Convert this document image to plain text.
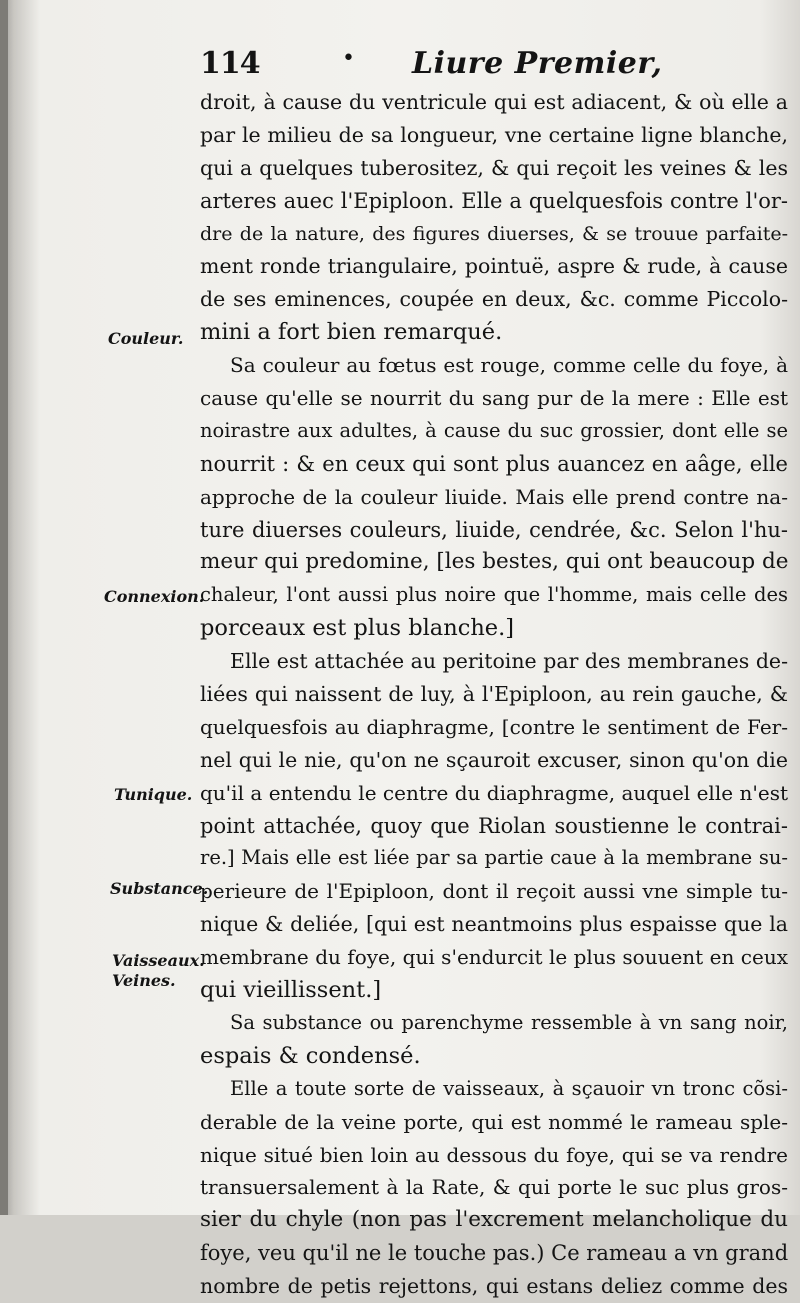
114	• Liure Premier,
Couleur.
Connexion.
Tunique.
Substance.
Vaisseaux.
Veines.
droit, à cause du ventricule qui est adiacent, & où elle a
par le milieu de sa longueur, vne certaine ligne blanche,
qui a quelques tuberositez, & qui reçoit les veines & les
arteres auec l'Epiploon. Elle a quelquesfois contre l'or-
dre de la nature, des figures diuerses, & se trouue parfaite-
ment ronde triangulaire, pointuë, aspre & rude, à cause
de ses eminences, coupée en deux, &c. comme Piccolo-
mini a fort bien remarqué.
Sa couleur au fœtus est rouge, comme celle du foye, à
cause qu'elle se nourrit du sang pur de la mere : Elle est
noirastre aux adultes, à cause du suc grossier, dont elle se
nourrit : & en ceux qui sont plus auancez en aâge, elle
approche de la couleur liuide. Mais elle prend contre na-
ture diuerses couleurs, liuide, cendrée, &c. Selon l'hu-
meur qui predomine, [les bestes, qui ont beaucoup de
chaleur, l'ont aussi plus noire que l'homme, mais celle des
porceaux est plus blanche.]
Elle est attachée au peritoine par des membranes de-
liées qui naissent de luy, à l'Epiploon, au rein gauche, &
quelquesfois au diaphragme, [contre le sentiment de Fer-
nel qui le nie, qu'on ne sçauroit excuser, sinon qu'on die
qu'il a entendu le centre du diaphragme, auquel elle n'est
point attachée, quoy que Riolan soustienne le contrai-
re.] Mais elle est liée par sa partie caue à la membrane su-
perieure de l'Epiploon, dont il reçoit aussi vne simple tu-
nique & deliée, [qui est neantmoins plus espaisse que la
membrane du foye, qui s'endurcit le plus souuent en ceux
qui vieillissent.]
Sa substance ou parenchyme ressemble à vn sang noir,
espais & condensé.
Elle a toute sorte de vaisseaux, à sçauoir vn tronc cõsi-
derable de la veine porte, qui est nommé le rameau sple-
nique situé bien loin au dessous du foye, qui se va rendre
transuersalement à la Rate, & qui porte le suc plus gros-
sier du chyle (non pas l'excrement melancholique du
foye, veu qu'il ne le touche pas.) Ce rameau a vn grand
nombre de petis rejettons, qui estans deliez comme des
